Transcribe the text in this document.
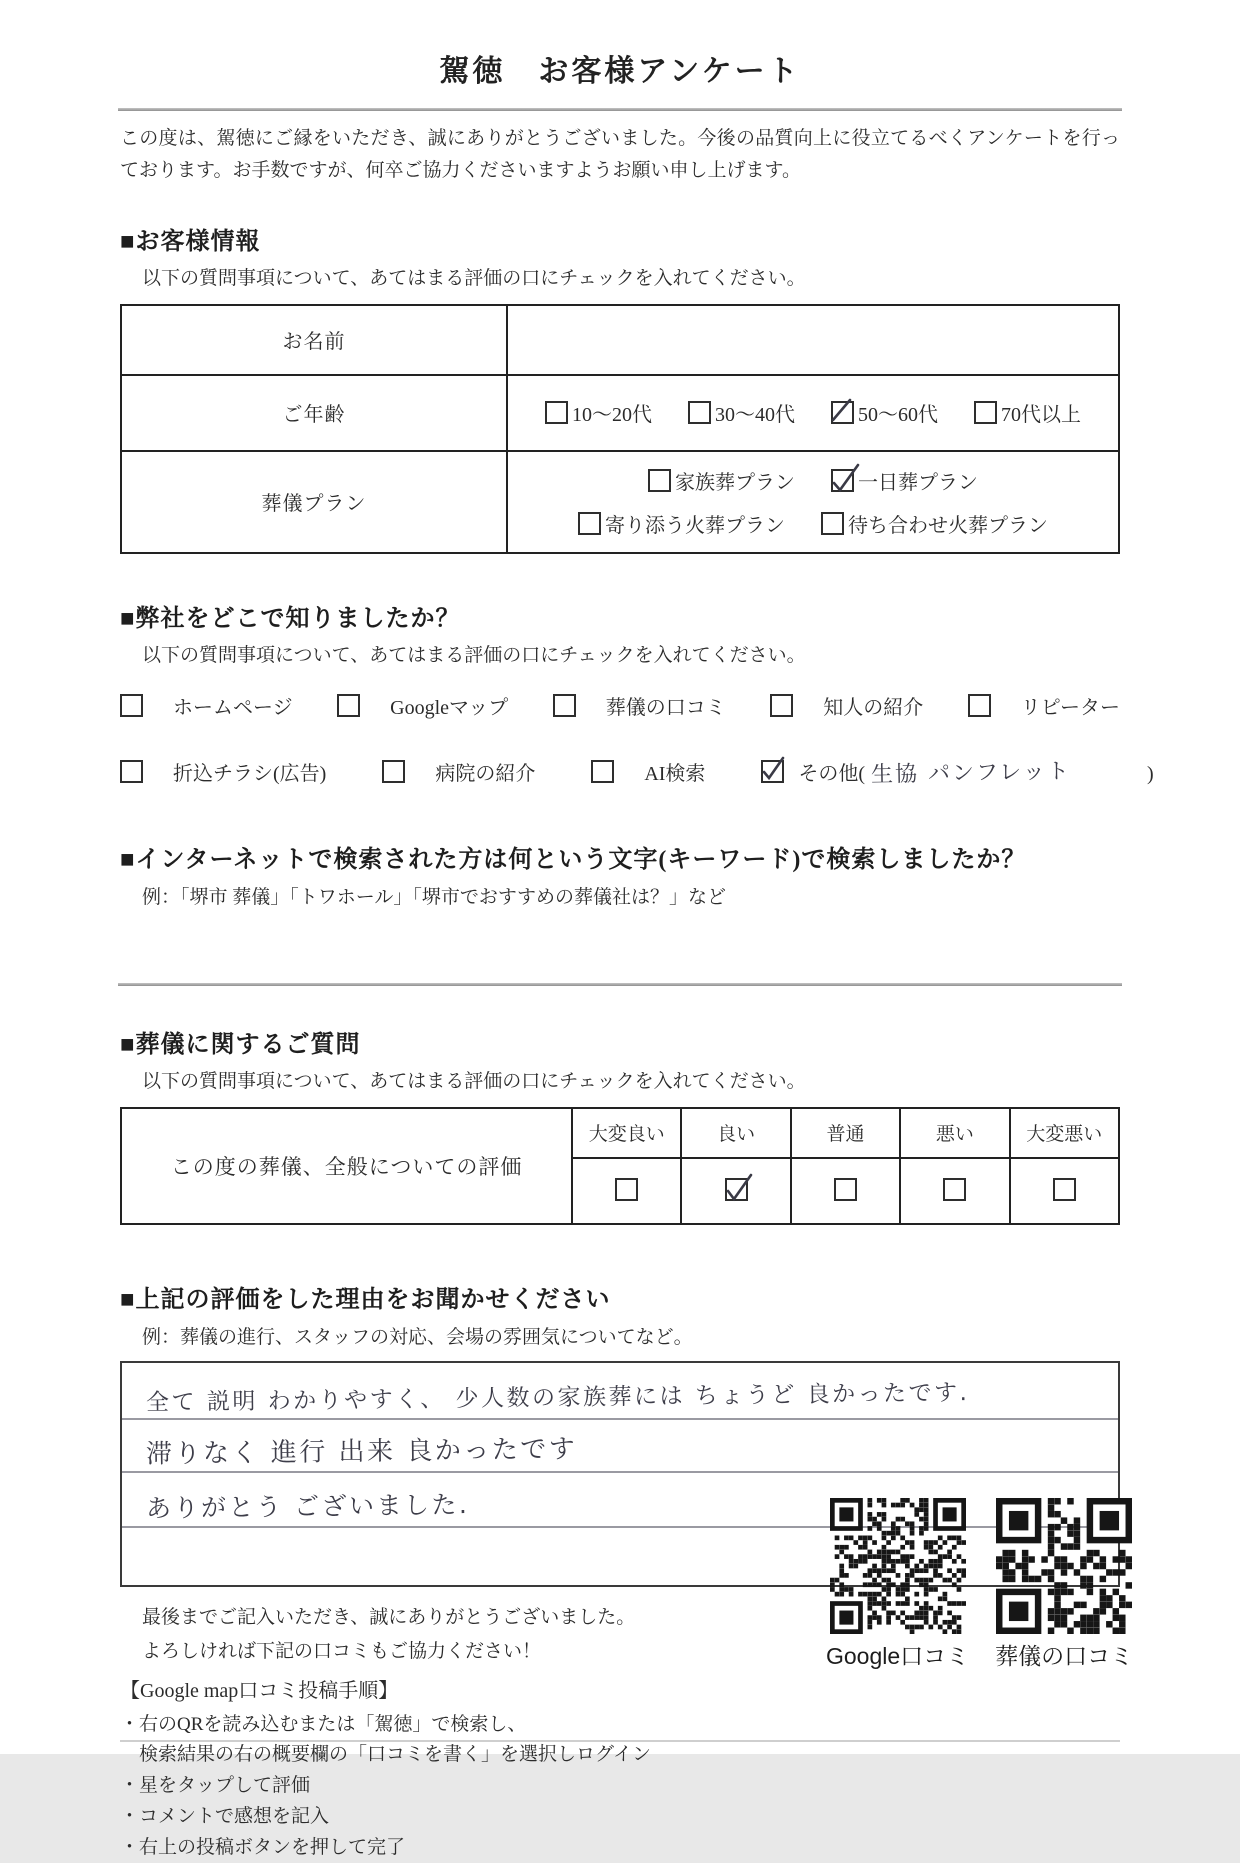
駕徳　お客様アンケート

この度は、駕徳にご縁をいただき、誠にありがとうございました。今後の品質向上に役立てるべくアンケートを行っております。お手数ですが、何卒ご協力くださいますようお願い申し上げます。

■お客様情報

以下の質問事項について、あてはまる評価の口にチェックを入れてください。

お名前	
ご年齢	10～20代 30～40代 50～60代 70代以上

葬儀プラン	家族葬プラン 一日葬プラン
寄り添う火葬プラン 待ち合わせ火葬プラン

■弊社をどこで知りましたか？

以下の質問事項について、あてはまる評価の口にチェックを入れてください。

ホームページ	Googleマップ	葬儀の口コミ	知人の紹介	リピーター
折込チラシ(広告)	病院の紹介	AI検索	その他( 生協 パンフレット	)

■インターネットで検索された方は何という文字(キーワード)で検索しましたか？

例：「堺市 葬儀」「トワホール」「堺市でおすすめの葬儀社は？」など

■葬儀に関するご質問

以下の質問事項について、あてはまる評価の口にチェックを入れてください。

この度の葬儀、全般についての評価	大変良い	良い	普通	悪い	大変悪い

■上記の評価をした理由をお聞かせください

例：葬儀の進行、スタッフの対応、会場の雰囲気についてなど。

全て 説明 わかりやすく、 少人数の家族葬には ちょうど 良かったです.
滞りなく 進行 出来 良かったです
ありがとう ございました.
最後までご記入いただき、誠にありがとうございました。
よろしければ下記の口コミもご協力ください！
【Google map口コミ投稿手順】
・右のQRを読み込むまたは「駕徳」で検索し、
　検索結果の右の概要欄の「口コミを書く」を選択しログイン
・星をタップして評価
・コメントで感想を記入
・右上の投稿ボタンを押して完了
Google口コミ 葬儀の口コミ
